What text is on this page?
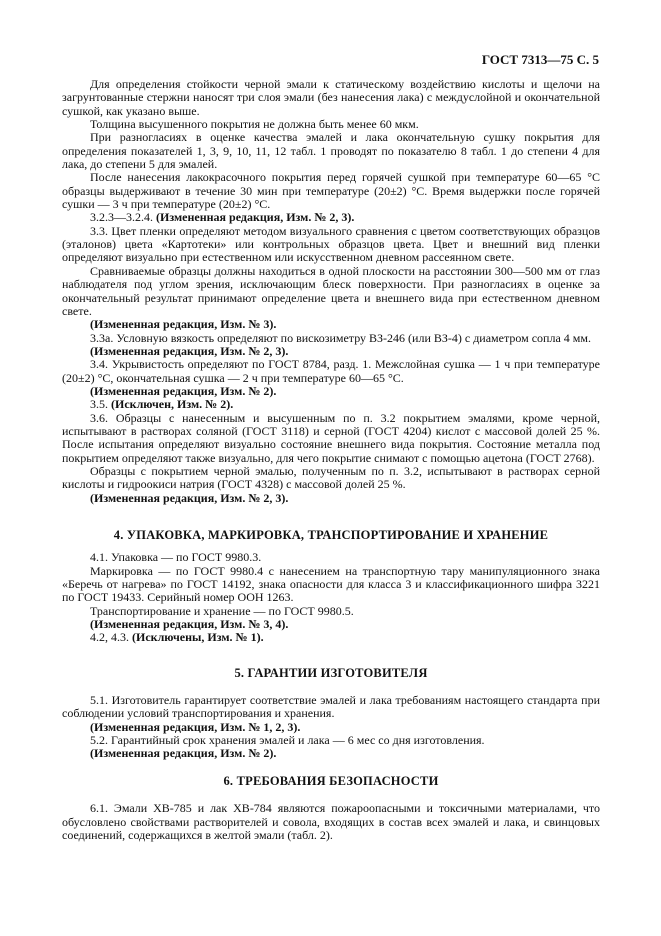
ГОСТ 7313—75 С. 5

Для определения стойкости черной эмали к статическому воздействию кислоты и щелочи на загрунтованные стержни наносят три слоя эмали (без нанесения лака) с междуслойной и окончательной сушкой, как указано выше.

Толщина высушенного покрытия не должна быть менее 60 мкм.

При разногласиях в оценке качества эмалей и лака окончательную сушку покрытия для определения показателей 1, 3, 9, 10, 11, 12 табл. 1 проводят по показателю 8 табл. 1 до степени 4 для лака, до степени 5 для эмалей.

После нанесения лакокрасочного покрытия перед горячей сушкой при температуре 60—65 °С образцы выдерживают в течение 30 мин при температуре (20±2) °С. Время выдержки после горячей сушки — 3 ч при температуре (20±2) °С.

3.2.3—3.2.4. (Измененная редакция, Изм. № 2, 3).

3.3. Цвет пленки определяют методом визуального сравнения с цветом соответствующих образцов (эталонов) цвета «Картотеки» или контрольных образцов цвета. Цвет и внешний вид пленки определяют визуально при естественном или искусственном дневном рассеянном свете.

Сравниваемые образцы должны находиться в одной плоскости на расстоянии 300—500 мм от глаз наблюдателя под углом зрения, исключающим блеск поверхности. При разногласиях в оценке за окончательный результат принимают определение цвета и внешнего вида при естественном дневном свете.

(Измененная редакция, Изм. № 3).

3.3а. Условную вязкость определяют по вискозиметру ВЗ-246 (или ВЗ-4) с диаметром сопла 4 мм.

(Измененная редакция, Изм. № 2, 3).

3.4. Укрывистость определяют по ГОСТ 8784, разд. 1. Межслойная сушка — 1 ч при температуре (20±2) °С, окончательная сушка — 2 ч при температуре 60—65 °С.

(Измененная редакция, Изм. № 2).

3.5. (Исключен, Изм. № 2).

3.6. Образцы с нанесенным и высушенным по п. 3.2 покрытием эмалями, кроме черной, испытывают в растворах соляной (ГОСТ 3118) и серной (ГОСТ 4204) кислот с массовой долей 25 %. После испытания определяют визуально состояние внешнего вида покрытия. Состояние металла под покрытием определяют также визуально, для чего покрытие снимают с помощью ацетона (ГОСТ 2768).

Образцы с покрытием черной эмалью, полученным по п. 3.2, испытывают в растворах серной кислоты и гидроокиси натрия (ГОСТ 4328) с массовой долей 25 %.

(Измененная редакция, Изм. № 2, 3).

4. УПАКОВКА, МАРКИРОВКА, ТРАНСПОРТИРОВАНИЕ И ХРАНЕНИЕ

4.1. Упаковка — по ГОСТ 9980.3.

Маркировка — по ГОСТ 9980.4 с нанесением на транспортную тару манипуляционного знака «Беречь от нагрева» по ГОСТ 14192, знака опасности для класса 3 и классификационного шифра 3221 по ГОСТ 19433. Серийный номер ООН 1263.

Транспортирование и хранение — по ГОСТ 9980.5.

(Измененная редакция, Изм. № 3, 4).

4.2, 4.3. (Исключены, Изм. № 1).

5. ГАРАНТИИ ИЗГОТОВИТЕЛЯ

5.1. Изготовитель гарантирует соответствие эмалей и лака требованиям настоящего стандарта при соблюдении условий транспортирования и хранения.

(Измененная редакция, Изм. № 1, 2, 3).

5.2. Гарантийный срок хранения эмалей и лака — 6 мес со дня изготовления.

(Измененная редакция, Изм. № 2).

6. ТРЕБОВАНИЯ БЕЗОПАСНОСТИ

6.1. Эмали ХВ-785 и лак ХВ-784 являются пожароопасными и токсичными материалами, что обусловлено свойствами растворителей и совола, входящих в состав всех эмалей и лака, и свинцовых соединений, содержащихся в желтой эмали (табл. 2).
